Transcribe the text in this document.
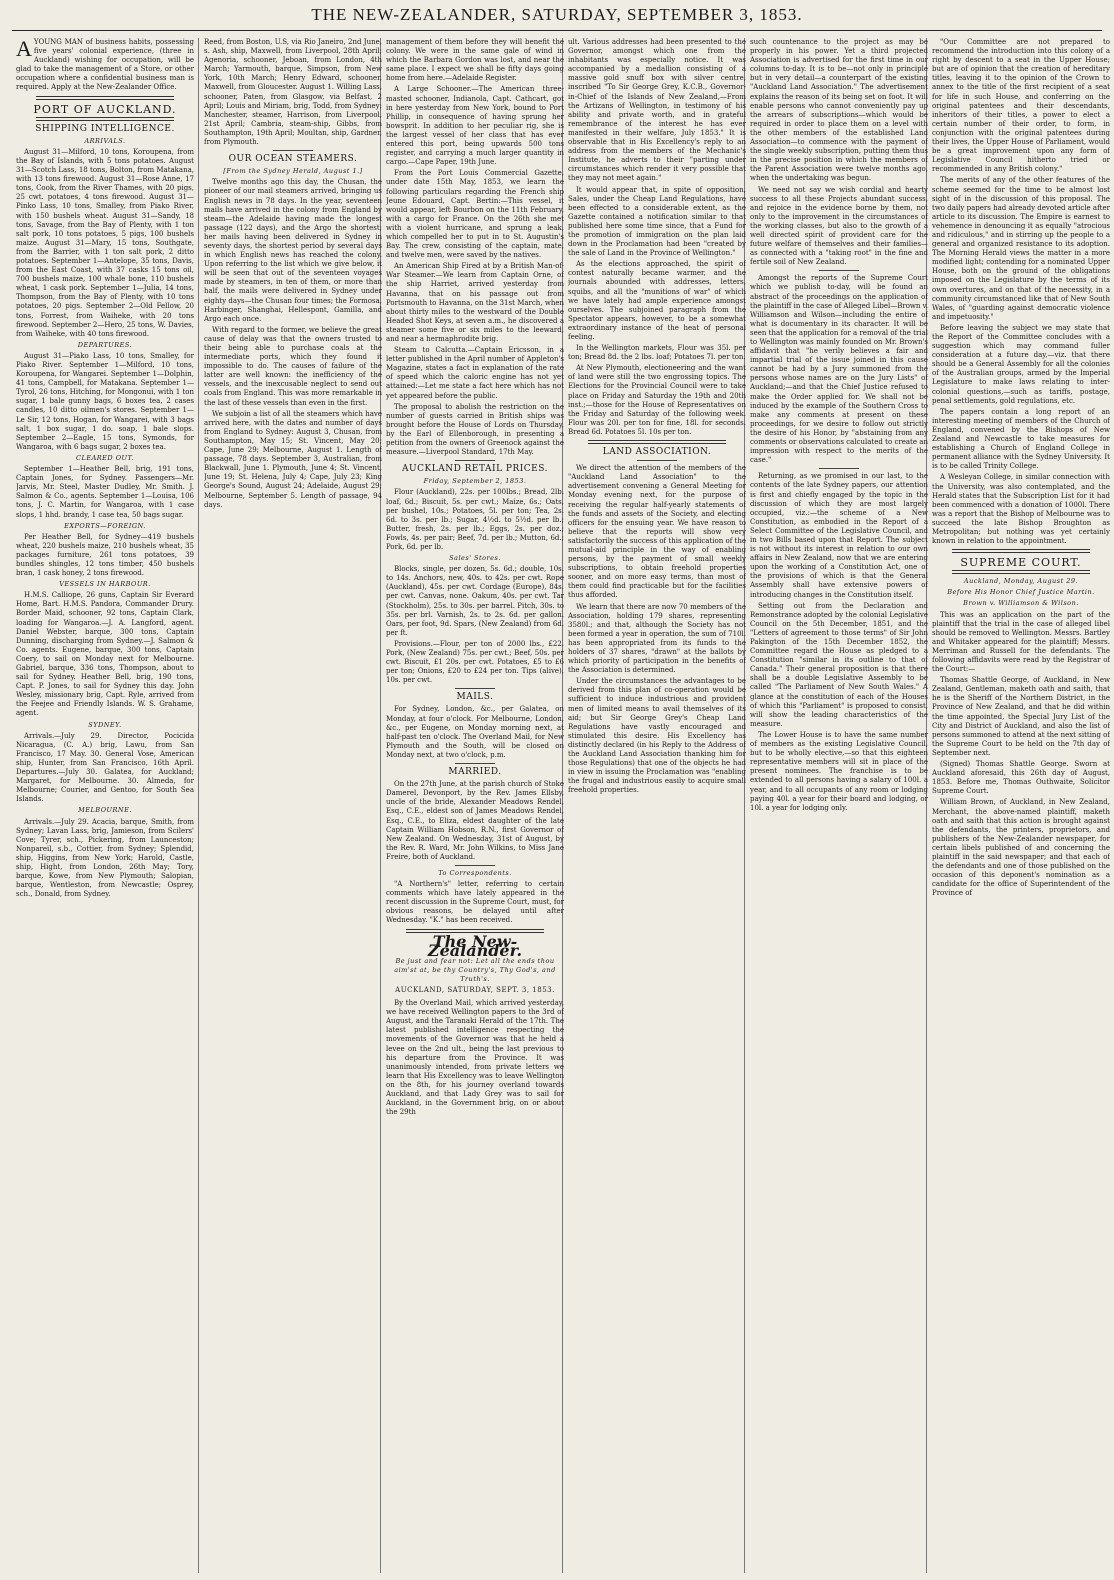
THE NEW-ZEALANDER, SATURDAY, SEPTEMBER 3, 1853.

AYOUNG MAN of business habits, possessing five years' colonial experience, (three in Auckland) wishing for occupation, will be glad to take the management of a Store, or other occupation where a confidential business man is required. Apply at the New-Zealander Office.

PORT OF AUCKLAND.
SHIPPING INTELLIGENCE.
ARRIVALS.

August 31—Milford, 10 tons, Koroupena, from the Bay of Islands, with 5 tons potatoes. August 31—Scotch Lass, 18 tons, Bolton, from Matakana, with 13 tons firewood. August 31—Rose Anne, 17 tons, Cook, from the River Thames, with 20 pigs, 25 cwt. potatoes, 4 tons firewood. August 31—Pinko Lass, 10 tons, Smalley, from Piako River, with 150 bushels wheat. August 31—Sandy, 18 tons, Savage, from the Bay of Plenty, with 1 ton salt pork, 10 tons potatoes, 5 pigs, 100 bushels maize. August 31—Mary, 15 tons, Southgate, from the Barrier, with 1 ton salt pork, 2 ditto potatoes. September 1—Antelope, 35 tons, Davis, from the East Coast, with 37 casks 15 tons oil, 700 bushels maize, 100 whale bone, 110 bushels wheat, 1 cask pork. September 1—Julia, 14 tons, Thompson, from the Bay of Plenty, with 10 tons potatoes, 20 pigs. September 2—Old Fellow, 20 tons, Forrest, from Waiheke, with 20 tons firewood. September 2—Hero, 25 tons, W. Davies, from Waiheke, with 40 tons firewood.

DEPARTURES.

August 31—Piako Lass, 10 tons, Smalley, for Piako River. September 1—Milford, 10 tons, Koroupena, for Wangarei. September 1—Dolphin, 41 tons, Campbell, for Matakana. September 1—Tyrol, 26 tons, Hitching, for Mongonui, with 1 ton sugar, 1 bale gunny bags, 6 boxes tea, 2 cases candles, 10 ditto oilmen's stores. September 1—Le Sir, 12 tons, Hogan, for Wangarei, with 3 bags salt, 1 box sugar, 1 do. soap, 1 bale slops. September 2—Eagle, 15 tons, Symonds, for Wangaroa, with 6 bags sugar, 2 boxes tea.

CLEARED OUT.

September 1—Heather Bell, brig, 191 tons, Captain Jones, for Sydney. Passengers—Mr. Jarvis, Mr. Steel, Master Dudley, Mr. Smith. J. Salmon & Co., agents. September 1—Louisa, 106 tons, J. C. Martin, for Wangaroa, with 1 case slops, 1 hhd. brandy, 1 case tea, 50 bags sugar.

EXPORTS—FOREIGN.

Per Heather Bell, for Sydney—419 bushels wheat, 220 bushels maize, 210 bushels wheat, 35 packages furniture, 261 tons potatoes, 39 bundles shingles, 12 tons timber, 450 bushels bran, 1 cask honey, 2 tons firewood.

VESSELS IN HARBOUR.

H.M.S. Calliope, 26 guns, Captain Sir Everard Home, Bart. H.M.S. Pandora, Commander Drury. Border Maid, schooner, 92 tons, Captain Clark, loading for Wangaroa.—J. A. Langford, agent. Daniel Webster, barque, 300 tons, Captain Dunning, discharging from Sydney.—J. Salmon & Co. agents. Eugene, barque, 300 tons, Captain Coery, to sail on Monday next for Melbourne. Gabriel, barque, 336 tons, Thompson, about to sail for Sydney. Heather Bell, brig, 190 tons, Capt. P. Jones, to sail for Sydney this day. John Wesley, missionary brig, Capt. Ryle, arrived from the Feejee and Friendly Islands. W. S. Grahame, agent.

SYDNEY.

Arrivals.—July 29. Director, Pocicida Nicaragua, (C. A.) brig, Lawu, from San Francisco, 17 May. 30. General Vose, American ship, Hunter, from San Francisco, 16th April. Departures.—July 30. Galatea, for Auckland; Margaret, for Melbourne. 30. Almeda, for Melbourne; Courier, and Gentoo, for South Sea Islands.

MELBOURNE.

Arrivals.—July 29. Acacia, barque, Smith, from Sydney; Lavan Lass, brig, Jamieson, from Scilers' Cove; Tyrer, sch., Pickering, from Launceston; Nonpareil, s.b., Cottier, from Sydney; Splendid, ship, Higgins, from New York; Harold, Castle, ship, Hight, from London, 26th May; Tory, barque, Kowe, from New Plymouth; Salopian, barque, Wentleston, from Newcastle; Osprey, sch., Donald, from Sydney.

Reed, from Boston, U.S, via Rio Janeiro, 2nd June, s. Ash, ship, Maxwell, from Liverpool, 28th April; Agenoria, schooner, Jeboan, from London, 4th March; Yarmouth, barque, Simpson, from New York, 10th March; Henry Edward, schooner, Maxwell, from Gloucester. August 1. Willing Lass, schooner, Paten, from Glasgow, via Belfast, 2 April; Louis and Miriam, brig, Todd, from Sydney; Manchester, steamer, Harrison, from Liverpool, 21st April; Cambria, steam-ship, Gibbs, from Southampton, 19th April; Moultan, ship, Gardner, from Plymouth.

OUR OCEAN STEAMERS.
[From the Sydney Herald, August 1.]

Twelve months ago this day, the Chusan, the pioneer of our mail steamers arrived, bringing us English news in 78 days. In the year, seventeen mails have arrived in the colony from England by steam—the Adelaide having made the longest passage (122 days), and the Argo the shortest; her mails having been delivered in Sydney in seventy days, the shortest period by several days in which English news has reached the colony. Upon referring to the list which we give below, it will be seen that out of the seventeen voyages made by steamers, in ten of them, or more than half, the mails were delivered in Sydney under eighty days—the Chusan four times; the Formosa, Harbinger, Shanghai, Hellespont, Gamilla, and Argo each once.

With regard to the former, we believe the great cause of delay was that the owners trusted to their being able to purchase coals at the intermediate ports, which they found it impossible to do. The causes of failure of the latter are well known: the inefficiency of the vessels, and the inexcusable neglect to send out coals from England. This was more remarkable in the last of these vessels than even in the first.

We subjoin a list of all the steamers which have arrived here, with the dates and number of days from England to Sydney: August 3, Chusan, from Southampton, May 15; St. Vincent, May 20; Cape, June 29; Melbourne, August 1. Length of passage, 78 days. September 3, Australian, from Blackwall, June 1. Plymouth, June 4; St. Vincent, June 19; St. Helena, July 4; Cape, July 23; King George's Sound, August 24; Adelaide, August 29; Melbourne, September 5. Length of passage, 94 days.

management of them before they will benefit the colony. We were in the same gale of wind in which the Barbara Gordon was lost, and near the same place. I expect we shall be fifty days going home from here.—Adelaide Register.

A Large Schooner.—The American three-masted schooner, Indianola, Capt. Cathcart, got in here yesterday from New York, bound to Port Phillip, in consequence of having sprung her bowsprit. In addition to her peculiar rig, she is the largest vessel of her class that has ever entered this port, being upwards 500 tons register, and carrying a much larger quantity in cargo.—Cape Paper, 19th June.

From the Port Louis Commercial Gazette, under date 15th May, 1853, we learn the following particulars regarding the French ship Jeune Edouard, Capt. Bertin:—This vessel, it would appear, left Bourbon on the 11th February, with a cargo for France. On the 26th she met with a violent hurricane, and sprung a leak, which compelled her to put in to St. Augustin's Bay. The crew, consisting of the captain, mate, and twelve men, were saved by the natives.

An American Ship Fired at by a British Man-of-War Steamer.—We learn from Captain Orne, of the ship Harriet, arrived yesterday from Havanna, that on his passage out from Portsmouth to Havanna, on the 31st March, when about thirty miles to the westward of the Double Headed Shot Keys, at seven a.m., he discovered a steamer some five or six miles to the leeward, and near a hermaphrodite brig.

Steam to Calcutta.—Captain Ericsson, in a letter published in the April number of Appleton's Magazine, states a fact in explanation of the rate of speed which the caloric engine has not yet attained:—Let me state a fact here which has not yet appeared before the public.

The proposal to abolish the restriction on the number of guests carried in British ships was brought before the House of Lords on Thursday, by the Earl of Ellenborough, in presenting a petition from the owners of Greenock against the measure.—Liverpool Standard, 17th May.

AUCKLAND RETAIL PRICES.
Friday, September 2, 1853.

Flour (Auckland), 22s. per 100lbs.; Bread, 2lb. loaf, 6d.; Biscuit, 5s. per cwt.; Maize, 6s.; Oats, per bushel, 10s.; Potatoes, 5l. per ton; Tea, 2s. 6d. to 3s. per lb.; Sugar, 4½d. to 5½d. per lb.; Butter, fresh, 2s. per lb.; Eggs, 2s. per doz.; Fowls, 4s. per pair; Beef, 7d. per lb.; Mutton, 6d.; Pork, 6d. per lb.

Sales' Stores.

Blocks, single, per dozen, 5s. 6d.; double, 10s. to 14s. Anchors, new, 40s. to 42s. per cwt. Rope (Auckland), 45s. per cwt. Cordage (Europe), 84s. per cwt. Canvas, none. Oakum, 40s. per cwt. Tar (Stockholm), 25s. to 30s. per barrel. Pitch, 30s. to 35s. per brl. Varnish, 2s. to 2s. 6d. per gallon. Oars, per foot, 9d. Spars, (New Zealand) from 6d. per ft.

Provisions.—Flour, per ton of 2000 lbs., £22. Pork, (New Zealand) 75s. per cwt.; Beef, 50s. per cwt. Biscuit, £1 20s. per cwt. Potatoes, £5 to £6 per ton; Onions, £20 to £24 per ton. Tips (alive), 10s. per cwt.

MAILS.

For Sydney, London, &c., per Galatea, on Monday, at four o'clock. For Melbourne, London, &c., per Eugene, on Monday morning next, at half-past ten o'clock. The Overland Mail, for New Plymouth and the South, will be closed on Monday next, at two o'clock, p.m.

MARRIED.

On the 27th June, at the parish church of Stoke Damerel, Devonport, by the Rev. James Ellsby, uncle of the bride, Alexander Meadows Rendel, Esq., C.E., eldest son of James Meadows Rendel, Esq., C.E., to Eliza, eldest daughter of the late Captain William Hobson, R.N., first Governor of New Zealand. On Wednesday, 31st of August, by the Rev. R. Ward, Mr. John Wilkins, to Miss Jane Freire, both of Auckland.

To Correspondents.

"A Northern's" letter, referring to certain comments which have lately appeared in the recent discussion in the Supreme Court, must, for obvious reasons, be delayed until after Wednesday. "K." has been received.

The New-Zealander.
Be just and fear not: Let all the ends thou aim'st at, be thy Country's, Thy God's, and Truth's.
AUCKLAND, SATURDAY, SEPT. 3, 1853.

By the Overland Mail, which arrived yesterday, we have received Wellington papers to the 3rd of August, and the Taranaki Herald of the 17th. The latest published intelligence respecting the movements of the Governor was that he held a levee on the 2nd ult., being the last previous to his departure from the Province. It was unanimously intended, from private letters we learn that His Excellency was to leave Wellington on the 8th, for his journey overland towards Auckland, and that Lady Grey was to sail for Auckland, in the Government brig, on or about the 29th

ult. Various addresses had been presented to the Governor, amongst which one from the inhabitants was especially notice. It was accompanied by a medallion consisting of a massive gold snuff box with silver centre, inscribed "To Sir George Grey, K.C.B., Governor-in-Chief of the Islands of New Zealand,—From the Artizans of Wellington, in testimony of his ability and private worth, and in grateful remembrance of the interest he has ever manifested in their welfare, July 1853." It is observable that in His Excellency's reply to an address from the members of the Mechanic's Institute, he adverts to their "parting under circumstances which render it very possible that they may not meet again."

It would appear that, in spite of opposition, Sales, under the Cheap Land Regulations, have been effected to a considerable extent, as the Gazette contained a notification similar to that published here some time since, that a Fund for the promotion of immigration on the plan laid down in the Proclamation had been "created by the sale of Land in the Province of Wellington."

As the elections approached, the spirit of contest naturally became warmer, and the journals abounded with addresses, letters, squibs, and all the "munitions of war" of which we have lately had ample experience amongst ourselves. The subjoined paragraph from the Spectator appears, however, to be a somewhat extraordinary instance of the heat of personal feeling.

In the Wellington markets, Flour was 35l. per ton; Bread 8d. the 2 lbs. loaf; Potatoes 7l. per ton.

At New Plymouth, electioneering and the want of land were still the two engrossing topics. The Elections for the Provincial Council were to take place on Friday and Saturday the 19th and 20th inst.;—those for the House of Representatives on the Friday and Saturday of the following week. Flour was 20l. per ton for fine, 18l. for seconds. Bread 6d. Potatoes 5l. 10s per ton.

LAND ASSOCIATION.

We direct the attention of the members of the "Auckland Land Association" to the advertisement convening a General Meeting for Monday evening next, for the purpose of receiving the regular half-yearly statements of the funds and assets of the Society, and electing officers for the ensuing year. We have reason to believe that the reports will show very satisfactorily the success of this application of the mutual-aid principle in the way of enabling persons, by the payment of small weekly subscriptions, to obtain freehold properties sooner, and on more easy terms, than most of them could find practicable but for the facilities thus afforded.

We learn that there are now 70 members of the Association, holding 179 shares, representing 3580l.; and that, although the Society has not been formed a year in operation, the sum of 710l. has been appropriated from its funds to the holders of 37 shares, "drawn" at the ballots by which priority of participation in the benefits of the Association is determined.

Under the circumstances the advantages to be derived from this plan of co-operation would be sufficient to induce industrious and provident men of limited means to avail themselves of its aid; but Sir George Grey's Cheap Land Regulations have vastly encouraged and stimulated this desire. His Excellency has distinctly declared (in his Reply to the Address of the Auckland Land Association thanking him for those Regulations) that one of the objects he had in view in issuing the Proclamation was "enabling the frugal and industrious easily to acquire small freehold properties.

such countenance to the project as may be properly in his power. Yet a third projected Association is advertised for the first time in our columns to-day. It is to be—not only in principle but in very detail—a counterpart of the existing "Auckland Land Association." The advertisement explains the reason of its being set on foot. It will enable persons who cannot conveniently pay up the arrears of subscriptions—which would be required in order to place them on a level with the other members of the established Land Association—to commence with the payment of the single weekly subscription, putting them thus in the precise position in which the members of the Parent Association were twelve months ago, when the undertaking was begun.

We need not say we wish cordial and hearty success to all these Projects abundant success, and rejoice in the evidence borne by them, not only to the improvement in the circumstances of the working classes, but also to the growth of a well directed spirit of provident care for the future welfare of themselves and their families—as connected with a "taking root" in the fine and fertile soil of New Zealand.

Amongst the reports of the Supreme Court which we publish to-day, will be found an abstract of the proceedings on the application of the plaintiff in the case of Alleged Libel—Brown v. Williamson and Wilson—including the entire of what is documentary in its character. It will be seen that the application for a removal of the trial to Wellington was mainly founded on Mr. Brown's affidavit that "he verily believes a fair and impartial trial of the issue joined in this cause cannot be had by a Jury summoned from the persons whose names are on the Jury Lists" of Auckland;—and that the Chief Justice refused to make the Order applied for. We shall not be induced by the example of the Southern Cross to make any comments at present on these proceedings, for we desire to follow out strictly the desire of his Honor, by "abstaining from any comments or observations calculated to create an impression with respect to the merits of the case."

Returning, as we promised in our last, to the contents of the late Sydney papers, our attention is first and chiefly engaged by the topic in the discussion of which they are most largely occupied, viz.:—the scheme of a New Constitution, as embodied in the Report of a Select Committee of the Legislative Council, and in two Bills based upon that Report. The subject is not without its interest in relation to our own affairs in New Zealand, now that we are entering upon the working of a Constitution Act, one of the provisions of which is that the General Assembly shall have extensive powers of introducing changes in the Constitution itself.

Setting out from the Declaration and Remonstrance adopted by the colonial Legislative Council on the 5th December, 1851, and the "Letters of agreement to those terms" of Sir John Pakington of the 15th December 1852, the Committee regard the House as pledged to a Constitution "similar in its outline to that of Canada." Their general proposition is that there shall be a double Legislative Assembly to be called "The Parliament of New South Wales." A glance at the constitution of each of the Houses of which this "Parliament" is proposed to consist, will show the leading characteristics of the measure.

The Lower House is to have the same number of members as the existing Legislative Council, but to be wholly elective,—so that this eighteen representative members will sit in place of the present nominees. The franchise is to be extended to all persons having a salary of 100l. a year, and to all occupants of any room or lodging paying 40l. a year for their board and lodging, or 10l. a year for lodging only.

"Our Committee are not prepared to recommend the introduction into this colony of a right by descent to a seat in the Upper House; but are of opinion that the creation of hereditary titles, leaving it to the opinion of the Crown to annex to the title of the first recipient of a seat for life in such House, and conferring on the original patentees and their descendants, inheritors of their titles, a power to elect a certain number of their order, to form, in conjunction with the original patentees during their lives, the Upper House of Parliament, would be a great improvement upon any form of Legislative Council hitherto tried or recommended in any British colony."

The merits of any of the other features of the scheme seemed for the time to be almost lost sight of in the discussion of this proposal. The two daily papers had already devoted article after article to its discussion. The Empire is earnest to vehemence in denouncing it as equally "atrocious and ridiculous," and in stirring up the people to a general and organized resistance to its adoption. The Morning Herald views the matter in a more modified light; contending for a nominated Upper House, both on the ground of the obligations imposed on the Legislature by the terms of its own overtures, and on that of the necessity, in a community circumstanced like that of New South Wales, of "guarding against democratic violence and impetuosity."

Before leaving the subject we may state that the Report of the Committee concludes with a suggestion which may command fuller consideration at a future day,—viz. that there should be a General Assembly for all the colonies of the Australian groups, armed by the Imperial Legislature to make laws relating to inter-colonial questions,—such as tariffs, postage, penal settlements, gold regulations, etc.

The papers contain a long report of an interesting meeting of members of the Church of England, convened by the Bishops of New Zealand and Newcastle to take measures for establishing a Church of England College in permanent alliance with the Sydney University. It is to be called Trinity College.

A Wesleyan College, in similar connection with the University, was also contemplated, and the Herald states that the Subscription List for it had been commenced with a donation of 1000l. There was a report that the Bishop of Melbourne was to succeed the late Bishop Broughton as Metropolitan; but nothing was yet certainly known in relation to the appointment.

SUPREME COURT.
Auckland, Monday, August 29.
Before His Honor Chief Justice Martin.
Brown v. Williamson & Wilson.

This was an application on the part of the plaintiff that the trial in the case of alleged libel should be removed to Wellington. Messrs. Bartley and Whitaker appeared for the plaintiff; Messrs. Merriman and Russell for the defendants. The following affidavits were read by the Registrar of the Court:—

Thomas Shattle George, of Auckland, in New Zealand, Gentleman, maketh oath and saith, that he is the Sheriff of the Northern District, in the Province of New Zealand, and that he did within the time appointed, the Special Jury List of the City and District of Auckland, and also the list of persons summoned to attend at the next sitting of the Supreme Court to be held on the 7th day of September next.

(Signed) Thomas Shattle George. Sworn at Auckland aforesaid, this 26th day of August, 1853. Before me, Thomas Outhwaite, Solicitor Supreme Court.

William Brown, of Auckland, in New Zealand, Merchant, the above-named plaintiff, maketh oath and saith that this action is brought against the defendants, the printers, proprietors, and publishers of the New-Zealander newspaper, for certain libels published of and concerning the plaintiff in the said newspaper; and that each of the defendants and one of those published on the occasion of this deponent's nomination as a candidate for the office of Superintendent of the Province of
